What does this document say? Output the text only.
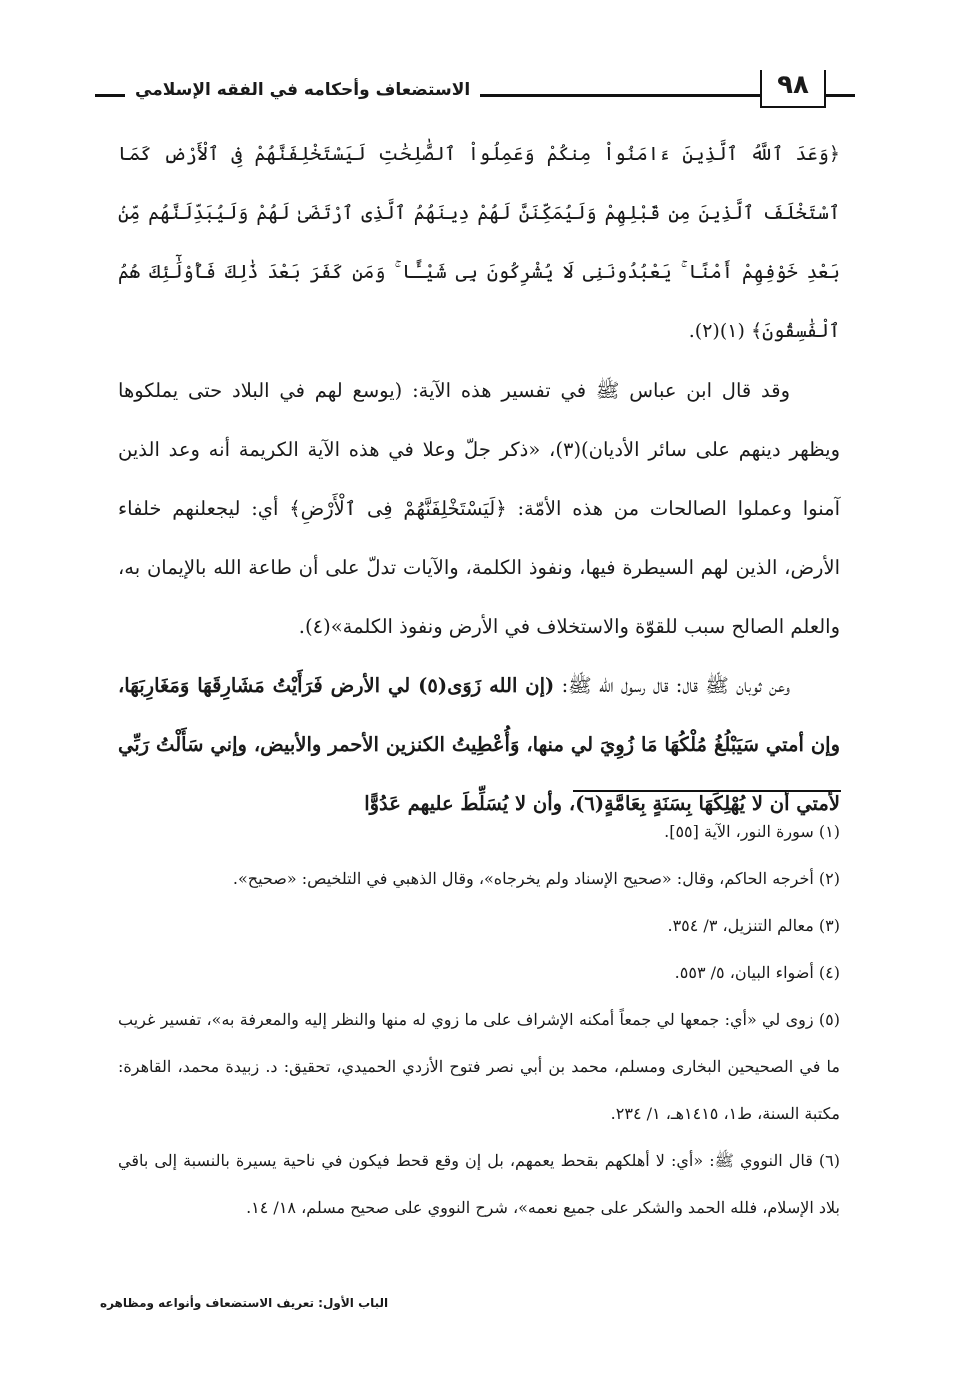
الاستضعاف وأحكامه في الفقه الإسلامي	٩٨

﴿وَعَدَ ٱللَّهُ ٱلَّذِينَ ءَامَنُواْ مِنكُمْ وَعَمِلُواْ ٱلصَّٰلِحَٰتِ لَيَسْتَخْلِفَنَّهُمْ فِى ٱلْأَرْضِ كَمَا ٱسْتَخْلَفَ ٱلَّذِينَ مِن قَبْلِهِمْ وَلَيُمَكِّنَنَّ لَهُمْ دِينَهُمُ ٱلَّذِى ٱرْتَضَىٰ لَهُمْ وَلَيُبَدِّلَنَّهُم مِّنۢ بَعْدِ خَوْفِهِمْ أَمْنًا ۚ يَعْبُدُونَنِى لَا يُشْرِكُونَ بِى شَيْـًٔا ۚ وَمَن كَفَرَ بَعْدَ ذَٰلِكَ فَأُوْلَٰٓئِكَ هُمُ ٱلْفَٰسِقُونَ﴾ (١)(٢).

وقد قال ابن عباس ﷺ في تفسير هذه الآية: (يوسع لهم في البلاد حتى يملكوها ويظهر دينهم على سائر الأديان)(٣)، «ذكر جلّ وعلا في هذه الآية الكريمة أنه وعد الذين آمنوا وعملوا الصالحات من هذه الأمّة: ﴿لَيَسْتَخْلِفَنَّهُمْ فِى ٱلْأَرْضِ﴾ أي: ليجعلنهم خلفاء الأرض، الذين لهم السيطرة فيها، ونفوذ الكلمة، والآيات تدلّ على أن طاعة الله بالإيمان به، والعلم الصالح سبب للقوّة والاستخلاف في الأرض ونفوذ الكلمة»(٤).

وعن ثوبان ﷺ قال: قال رسول الله ﷺ: (إن الله زَوَى(٥) لي الأرض فَرَأَيْتُ مَشَارِقَهَا وَمَغَارِبَهَا، وإن أمتي سَيَبْلُغُ مُلْكُهَا مَا زُوِيَ لي منها، وَأُعْطِيتُ الكنزين الأحمر والأبيض، وإني سَأَلْتُ رَبِّي لأمتي أن لا يُهْلِكَهَا بِسَنَةٍ بِعَامَّةٍ(٦)، وأن لا يُسَلِّطَ عليهم عَدُوًّا

(١) سورة النور، الآية [٥٥].

(٢) أخرجه الحاكم، وقال: «صحيح الإسناد ولم يخرجاه»، وقال الذهبي في التلخيص: «صحيح».

(٣) معالم التنزيل، ٣/ ٣٥٤.

(٤) أضواء البيان، ٥/ ٥٥٣.

(٥) زوى لي «أي: جمعها لي جمعاً أمكنه الإشراف على ما زوي له منها والنظر إليه والمعرفة به»، تفسير غريب ما في الصحيحين البخارى ومسلم، محمد بن أبي نصر فتوح الأزدي الحميدي، تحقيق: د. زبيدة محمد، القاهرة: مكتبة السنة، ط١، ١٤١٥هـ، ١/ ٢٣٤.

(٦) قال النووي ﷺ: «أي: لا أهلكهم بقحط يعمهم، بل إن وقع قحط فيكون في ناحية يسيرة بالنسبة إلى باقي بلاد الإسلام، فلله الحمد والشكر على جميع نعمه»، شرح النووي على صحيح مسلم، ١٨/ ١٤.

الباب الأول: تعريف الاستضعاف وأنواعه ومظاهره
